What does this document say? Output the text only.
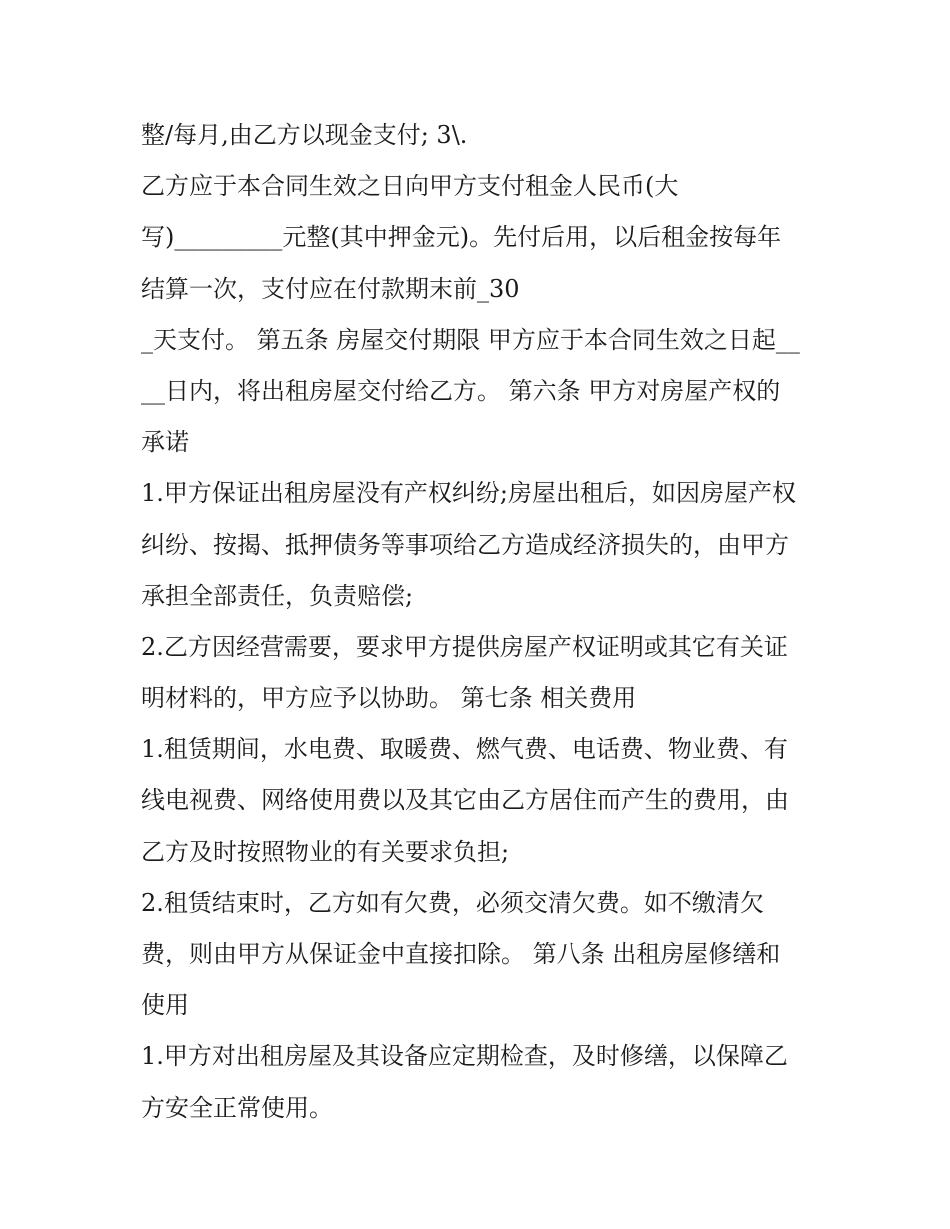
整/每月,由乙方以现金支付; 3\.
乙方应于本合同生效之日向甲方支付租金人民币(大
写)_________元整(其中押金元)。先付后用，以后租金按每年
结算一次，支付应在付款期末前_30
_天支付。 第五条 房屋交付期限 甲方应于本合同生效之日起__
__日内，将出租房屋交付给乙方。 第六条 甲方对房屋产权的
承诺
1.甲方保证出租房屋没有产权纠纷;房屋出租后，如因房屋产权
纠纷、按揭、抵押债务等事项给乙方造成经济损失的，由甲方
承担全部责任，负责赔偿;
2.乙方因经营需要，要求甲方提供房屋产权证明或其它有关证
明材料的，甲方应予以协助。 第七条 相关费用
1.租赁期间，水电费、取暖费、燃气费、电话费、物业费、有
线电视费、网络使用费以及其它由乙方居住而产生的费用，由
乙方及时按照物业的有关要求负担;
2.租赁结束时，乙方如有欠费，必须交清欠费。如不缴清欠
费，则由甲方从保证金中直接扣除。 第八条 出租房屋修缮和
使用
1.甲方对出租房屋及其设备应定期检查，及时修缮，以保障乙
方安全正常使用。
